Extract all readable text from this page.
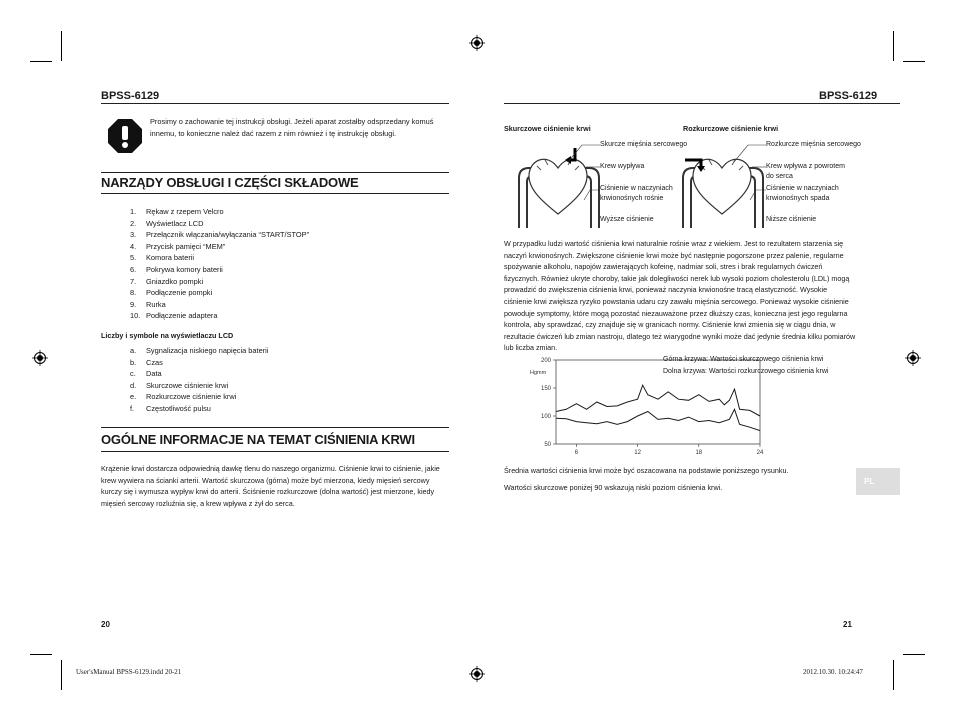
BPSS-6129
Prosimy o zachowanie tej instrukcji obsługi. Jeżeli aparat zostałby odsprzedany komuś innemu, to konieczne należ dać razem z nim również i tę instrukcję obsługi.
NARZĄDY OBSŁUGI I CZĘŚCI SKŁADOWE
1. Rękaw z rzepem Velcro
2. Wyświetlacz LCD
3. Przełącznik włączania/wyłączania “START/STOP”
4. Przycisk pamięci “MEM”
5. Komora baterii
6. Pokrywa komory baterii
7. Gniazdko pompki
8. Podłączenie pompki
9. Rurka
10. Podłączenie adaptera
Liczby i symbole na wyświetlaczu LCD
a. Sygnalizacja niskiego napięcia baterii
b. Czas
c. Data
d. Skurczowe ciśnienie krwi
e. Rozkurczowe ciśnienie krwi
f. Częstotliwość pulsu
OGÓLNE INFORMACJE NA TEMAT CIŚNIENIA KRWI
Krążenie krwi dostarcza odpowiednią dawkę tlenu do naszego organizmu. Ciśnienie krwi to ciśnienie, jakie krew wywiera na ścianki arterii. Wartość skurczowa (górna) może być mierzona, kiedy mięsień sercowy kurczy się i wymusza wypływ krwi do arterii. Ściśnienie rozkurczowe (dolna wartość) jest mierzone, kiedy mięsień sercowy rozluźnia się, a krew wpływa z żył do serca.
20
BPSS-6129
Skurczowe ciśnienie krwi	Rozkurczowe ciśnienie krwi
Skurcze mięśnia sercowego
Krew wypływa
Ciśnienie w naczyniach
krwionośnych rośnie
Wyższe ciśnienie
Rozkurcze mięśnia sercowego
Krew wpływa z powrotem
do serca
Ciśnienie w naczyniach
krwionośnych spada
Niższe ciśnienie
W przypadku ludzi wartość ciśnienia krwi naturalnie rośnie wraz z wiekiem. Jest to rezultatem starzenia się naczyń krwionośnych. Zwiększone ciśnienie krwi może być następnie pogorszone przez palenie, regularne spożywanie alkoholu, napojów zawierających kofeinę, nadmiar soli, stres i brak regularnych ćwiczeń fizycznych. Również ukryte choroby, takie jak dolegliwości nerek lub wysoki poziom cholesterolu (LDL) mogą prowadzić do zwiększenia ciśnienia krwi, ponieważ naczynia krwionośne tracą elastyczność. Wysokie ciśnienie krwi zwiększa ryzyko powstania udaru czy zawału mięśnia sercowego. Ponieważ wysokie ciśnienie powoduje symptomy, które mogą pozostać niezauważone przez dłuższy czas, konieczna jest jego regularna kontrola, aby sprawdzać, czy znajduje się w granicach normy. Ciśnienie krwi zmienia się w ciągu dnia, w rezultacie ćwiczeń lub zmian nastroju, dlatego też wiarygodne wyniki może dać jedynie średnia kilku pomiarów lub liczba zmian.
50
100
150
200
Hgmm
6	12	18	24
Górna krzywa: Wartości skurczowego ciśnienia krwi
Dolna krzywa: Wartości rozkurczowego ciśnienia krwi
Średnia wartości ciśnienia krwi może być oszacowana na podstawie poniższego rysunku.
Wartości skurczowe poniżej 90 wskazują niski poziom ciśnienia krwi.
PL
21
User'sManual BPSS-6129.indd 20-21	2012.10.30. 10:24:47
